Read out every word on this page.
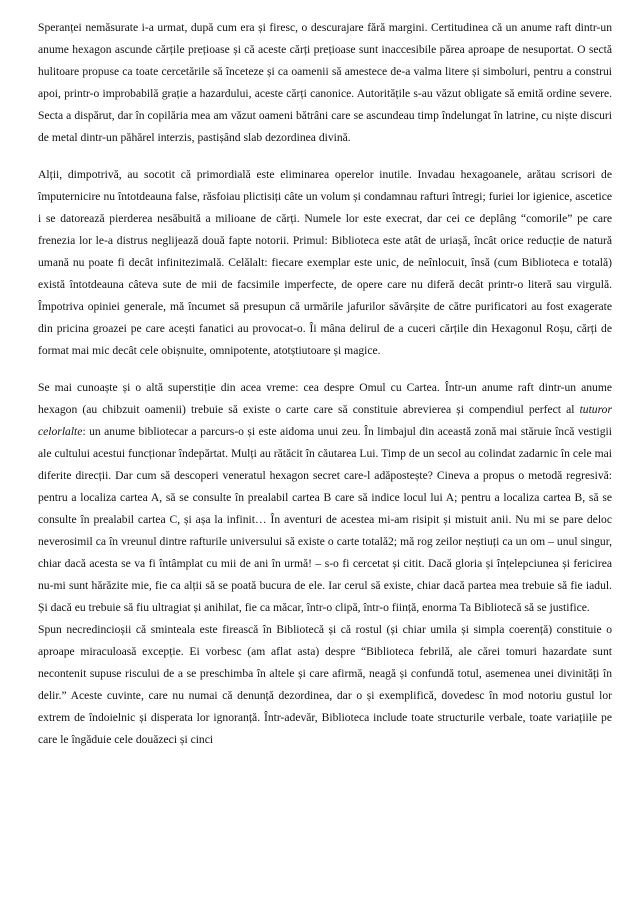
Speranței nemăsurate i-a urmat, după cum era și firesc, o descurajare fără margini. Certitudinea că un anume raft dintr-un anume hexagon ascunde cărțile prețioase și că aceste cărți prețioase sunt inaccesibile părea aproape de nesuportat. O sectă hulitoare propuse ca toate cercetările să înceteze și ca oamenii să amestece de-a valma litere și simboluri, pentru a construi apoi, printr-o improbabilă grație a hazardului, aceste cărți canonice. Autoritățile s-au văzut obligate să emită ordine severe. Secta a dispărut, dar în copilăria mea am văzut oameni bătrâni care se ascundeau timp îndelungat în latrine, cu niște discuri de metal dintr-un păhărel interzis, pastișând slab dezordinea divină.

Alții, dimpotrivă, au socotit că primordială este eliminarea operelor inutile. Invadau hexagoanele, arătau scrisori de împuternicire nu întotdeauna false, răsfoiau plictisiți câte un volum și condamnau rafturi întregi; furiei lor igienice, ascetice i se datorează pierderea nesăbuită a milioane de cărți. Numele lor este execrat, dar cei ce deplâng “comorile” pe care frenezia lor le-a distrus neglijează două fapte notorii. Primul: Biblioteca este atât de uriașă, încât orice reducție de natură umană nu poate fi decât infinitezimală. Celălalt: fiecare exemplar este unic, de neînlocuit, însă (cum Biblioteca e totală) există întotdeauna câteva sute de mii de facsimile imperfecte, de opere care nu diferă decât printr-o literă sau virgulă. Împotriva opiniei generale, mă încumet să presupun că urmările jafurilor săvârșite de către purificatori au fost exagerate din pricina groazei pe care acești fanatici au provocat-o. Îi mâna delirul de a cuceri cărțile din Hexagonul Roșu, cărți de format mai mic decât cele obișnuite, omnipotente, atotștiutoare și magice.

Se mai cunoaște și o altă superstiție din acea vreme: cea despre Omul cu Cartea. Într-un anume raft dintr-un anume hexagon (au chibzuit oamenii) trebuie să existe o carte care să constituie abrevierea și compendiul perfect al tuturor celorlalte: un anume bibliotecar a parcurs-o și este aidoma unui zeu. În limbajul din această zonă mai stăruie încă vestigii ale cultului acestui funcționar îndepărtat. Mulți au rătăcit în căutarea Lui. Timp de un secol au colindat zadarnic în cele mai diferite direcții. Dar cum să descoperi veneratul hexagon secret care-l adăpostește? Cineva a propus o metodă regresivă: pentru a localiza cartea A, să se consulte în prealabil cartea B care să indice locul lui A; pentru a localiza cartea B, să se consulte în prealabil cartea C, și așa la infinit… În aventuri de acestea mi-am risipit și mistuit anii. Nu mi se pare deloc neverosimil ca în vreunul dintre rafturile universului să existe o carte totală2; mă rog zeilor neștiuți ca un om – unul singur, chiar dacă acesta se va fi întâmplat cu mii de ani în urmă! – s-o fi cercetat și citit. Dacă gloria și înțelepciunea și fericirea nu-mi sunt hărăzite mie, fie ca alții să se poată bucura de ele. Iar cerul să existe, chiar dacă partea mea trebuie să fie iadul. Și dacă eu trebuie să fiu ultragiat și anihilat, fie ca măcar, într-o clipă, într-o ființă, enorma Ta Bibliotecă să se justifice.

Spun necredincioșii că sminteala este firească în Bibliotecă și că rostul (și chiar umila și simpla coerență) constituie o aproape miraculoasă excepție. Ei vorbesc (am aflat asta) despre “Biblioteca febrilă, ale cărei tomuri hazardate sunt necontenit supuse riscului de a se preschimba în altele și care afirmă, neagă și confundă totul, asemenea unei divinități în delir.” Aceste cuvinte, care nu numai că denunță dezordinea, dar o și exemplifică, dovedesc în mod notoriu gustul lor extrem de îndoielnic și disperata lor ignoranță. Într-adevăr, Biblioteca include toate structurile verbale, toate variațiile pe care le îngăduie cele douăzeci și cinci
